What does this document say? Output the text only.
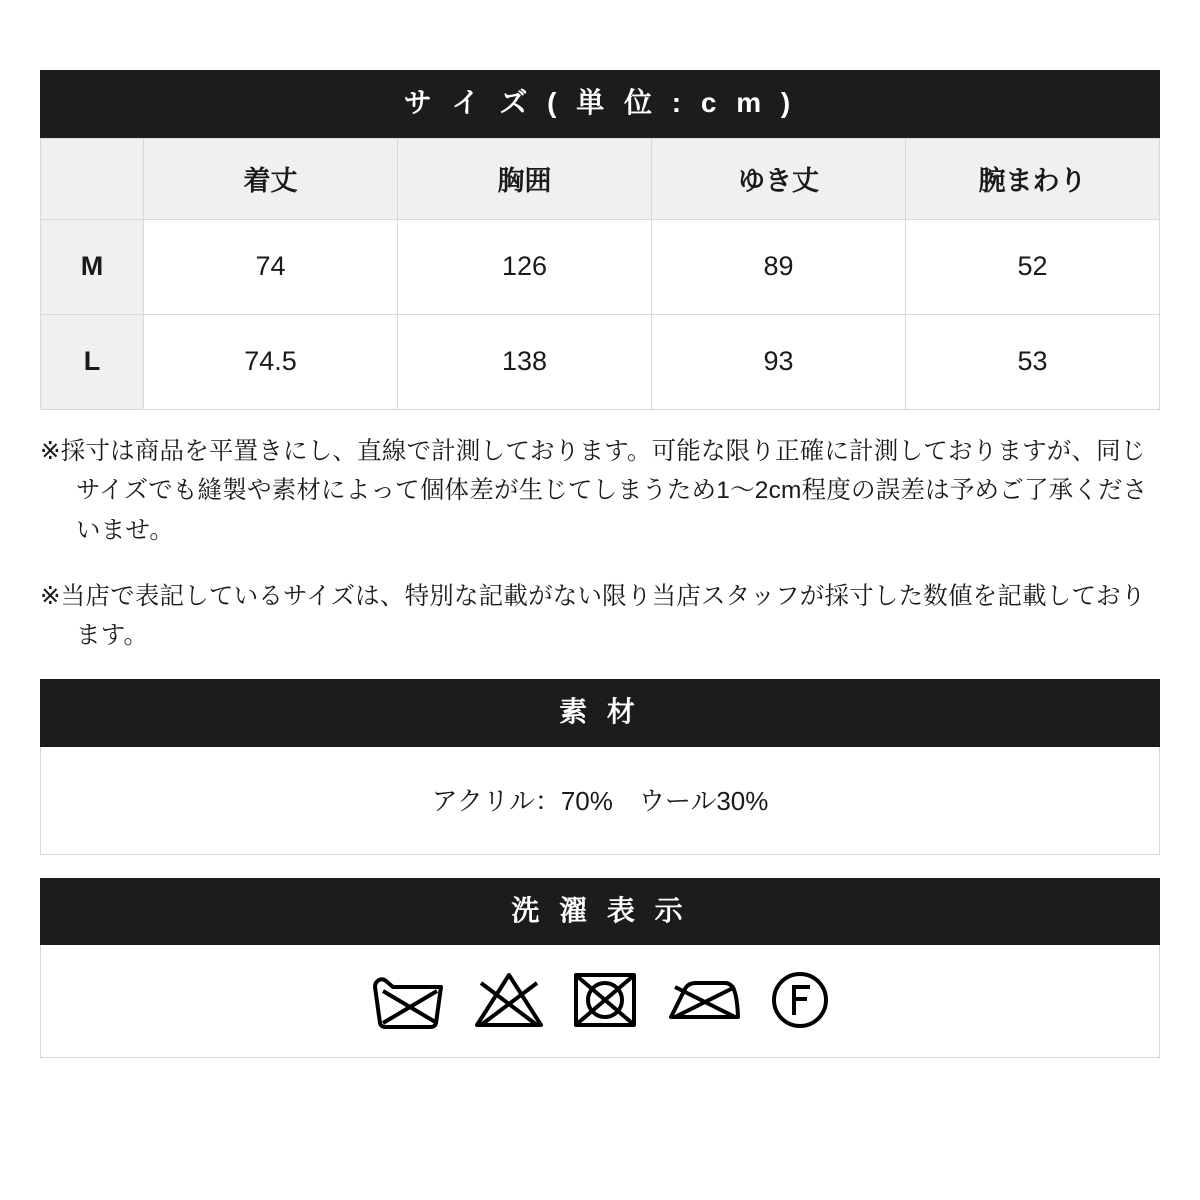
サ イ ズ ( 単 位 : c m )
	着丈	胸囲	ゆき丈	腕まわり
M	74	126	89	52
L	74.5	138	93	53

※採寸は商品を平置きにし、直線で計測しております。可能な限り正確に計測しておりますが、同じサイズでも縫製や素材によって個体差が生じてしまうため1〜2cm程度の誤差は予めご了承くださいませ。

※当店で表記しているサイズは、特別な記載がない限り当店スタッフが採寸した数値を記載しております。

素 材
アクリル：70%　ウール30%
洗 濯 表 示
